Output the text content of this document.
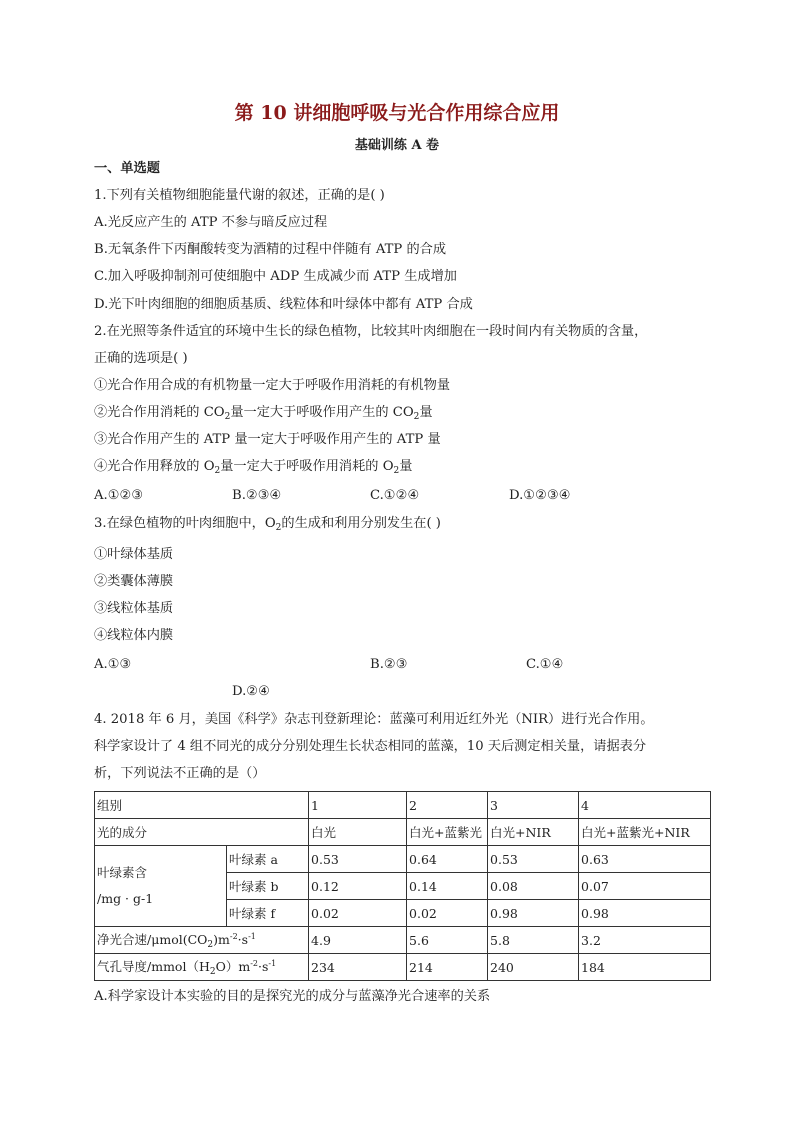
第 10 讲细胞呼吸与光合作用综合应用
基础训练 A 卷
一、单选题
1.下列有关植物细胞能量代谢的叙述，正确的是( )
A.光反应产生的 ATP 不参与暗反应过程
B.无氧条件下丙酮酸转变为酒精的过程中伴随有 ATP 的合成
C.加入呼吸抑制剂可使细胞中 ADP 生成减少而 ATP 生成增加
D.光下叶肉细胞的细胞质基质、线粒体和叶绿体中都有 ATP 合成
2.在光照等条件适宜的环境中生长的绿色植物，比较其叶肉细胞在一段时间内有关物质的含量，
正确的选项是( )
①光合作用合成的有机物量一定大于呼吸作用消耗的有机物量
②光合作用消耗的 $CO_2$量一定大于呼吸作用产生的 $CO_2$量
③光合作用产生的 ATP 量一定大于呼吸作用产生的 ATP 量
④光合作用释放的 $O_2$量一定大于呼吸作用消耗的 $O_2$量
A.①②③	B.②③④	C.①②④	D.①②③④
3.在绿色植物的叶肉细胞中，$O_2$的生成和利用分别发生在( )
①叶绿体基质
②类囊体薄膜
③线粒体基质
④线粒体内膜
A.①③	B.②③	C.①④
D.②④
4. 2018 年 6 月，美国《科学》杂志刊登新理论：蓝藻可利用近红外光（NIR）进行光合作用。
科学家设计了 4 组不同光的成分分别处理生长状态相同的蓝藻，10 天后测定相关量，请据表分
析，下列说法不正确的是（）
组别		1	2	3	4
光的成分		白光	白光+蓝紫光	白光+NIR	白光+蓝紫光+NIR

叶绿素含
/mg · g-1	叶绿素 a	0.53	0.64	0.53	0.63
	叶绿素 b	0.12	0.14	0.08	0.07
	叶绿素 f	0.02	0.02	0.98	0.98
净光合速$/\mu mol(CO_2)m^{-2}\cdot s^{-1}$		4.9	5.6	5.8	3.2
气孔导度$/mmol(H_2O)m^{-2}\cdot s^{-1}$		234	214	240	184
A.科学家设计本实验的目的是探究光的成分与蓝藻净光合速率的关系
